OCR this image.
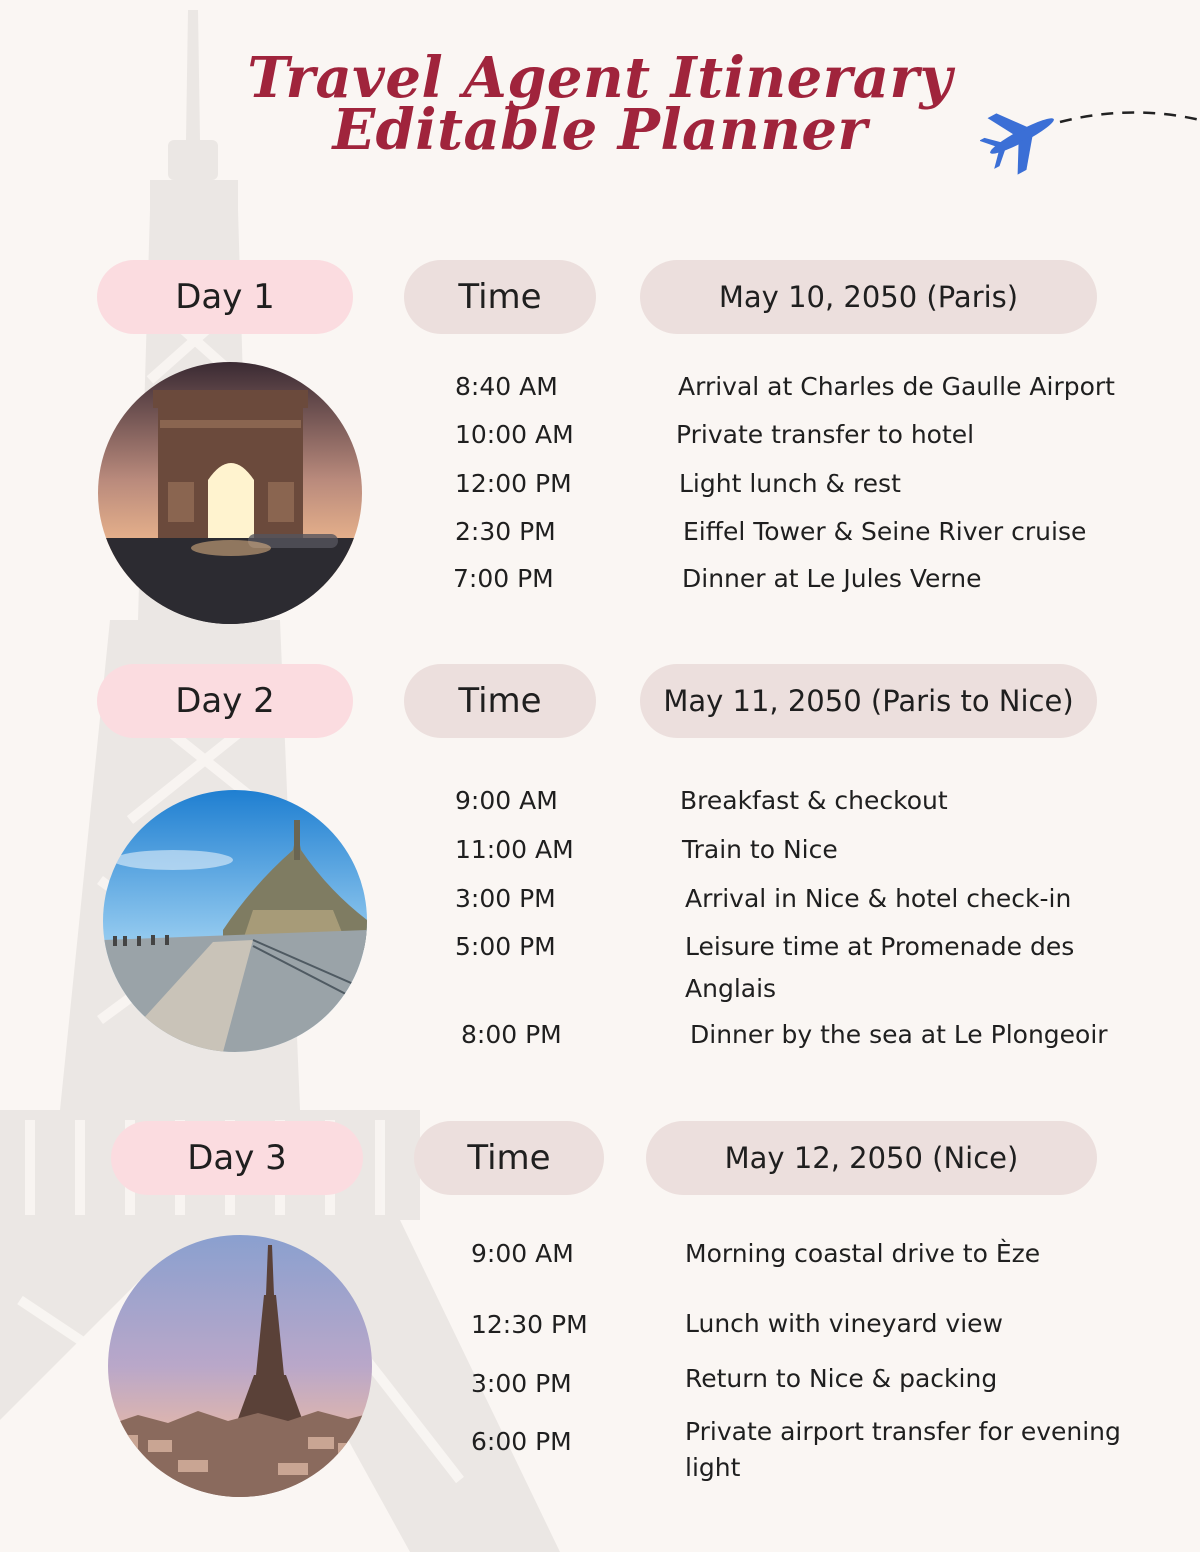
Travel Agent Itinerary Editable Planner
Day 1	Time	May 10, 2050 (Paris)
8:40 AM	Arrival at Charles de Gaulle Airport
10:00 AM	Private transfer to hotel
12:00 PM	Light lunch & rest
2:30 PM	Eiffel Tower & Seine River cruise
7:00 PM	Dinner at Le Jules Verne
Day 2	Time	May 11, 2050 (Paris to Nice)
9:00 AM	Breakfast & checkout
11:00 AM	Train to Nice
3:00 PM	Arrival in Nice & hotel check-in
5:00 PM	Leisure time at Promenade des Anglais
8:00 PM	Dinner by the sea at Le Plongeoir
Day 3	Time	May 12, 2050 (Nice)
9:00 AM	Morning coastal drive to Èze
12:30 PM	Lunch with vineyard view
3:00 PM	Return to Nice & packing
6:00 PM	Private airport transfer for evening light
